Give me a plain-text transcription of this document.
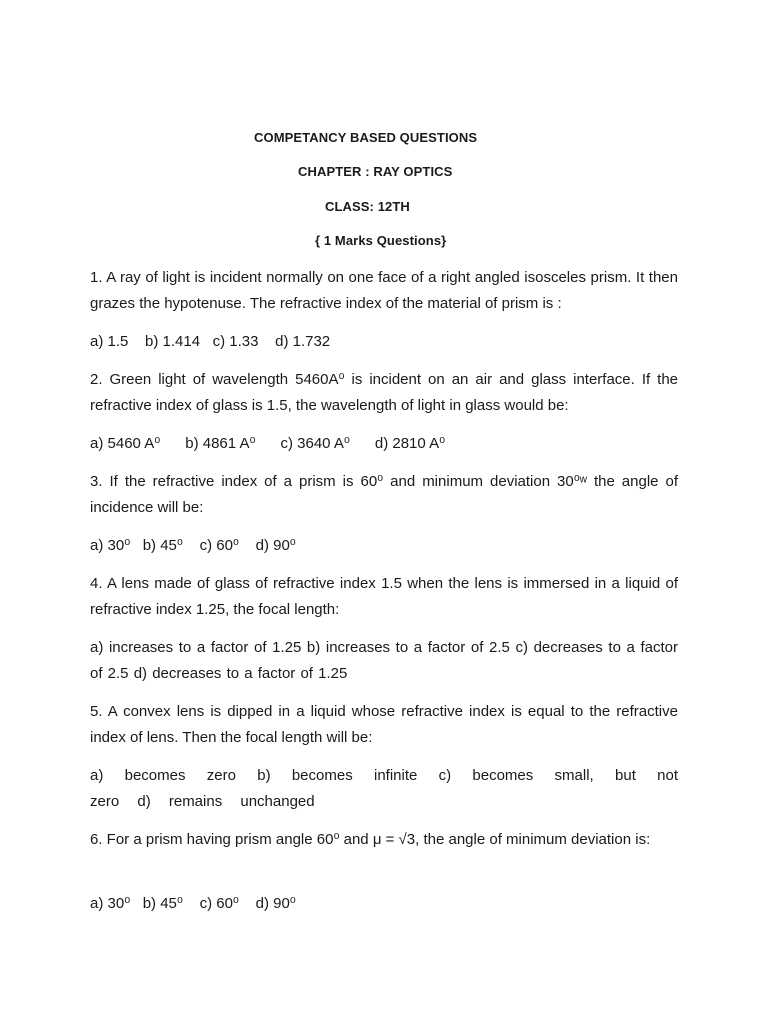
COMPETANCY BASED QUESTIONS
CHAPTER : RAY OPTICS
CLASS: 12TH
{ 1 Marks Questions}
1. A ray of light is incident normally on one face of a right angled isosceles prism. It then grazes the hypotenuse. The refractive index of the material of prism is :
a) 1.5    b) 1.414   c) 1.33    d) 1.732
2. Green light of wavelength 5460A⁰ is incident on an air and glass interface. If the refractive index of glass is 1.5, the wavelength of light in glass would be:
a) 5460 A⁰      b) 4861 A⁰      c) 3640 A⁰      d) 2810 A⁰
3. If the refractive index of a prism is 60⁰ and minimum deviation 30⁰ʷ the angle of incidence will be:
a) 30⁰   b) 45⁰    c) 60⁰    d) 90⁰
4. A lens made of glass of refractive index 1.5 when the lens is immersed in a liquid of refractive index 1.25, the focal length:
a) increases to a factor of 1.25 b) increases to a factor of 2.5 c) decreases to a factor of 2.5 d) decreases to a factor of 1.25
5. A convex lens is dipped in a liquid whose refractive index is equal to the refractive index of lens. Then the focal length will be:
a) becomes zero b) becomes infinite c) becomes small, but not zero d) remains unchanged
6. For a prism having prism angle 60⁰ and μ = √3, the angle of minimum deviation is:
a) 30⁰   b) 45⁰    c) 60⁰    d) 90⁰
